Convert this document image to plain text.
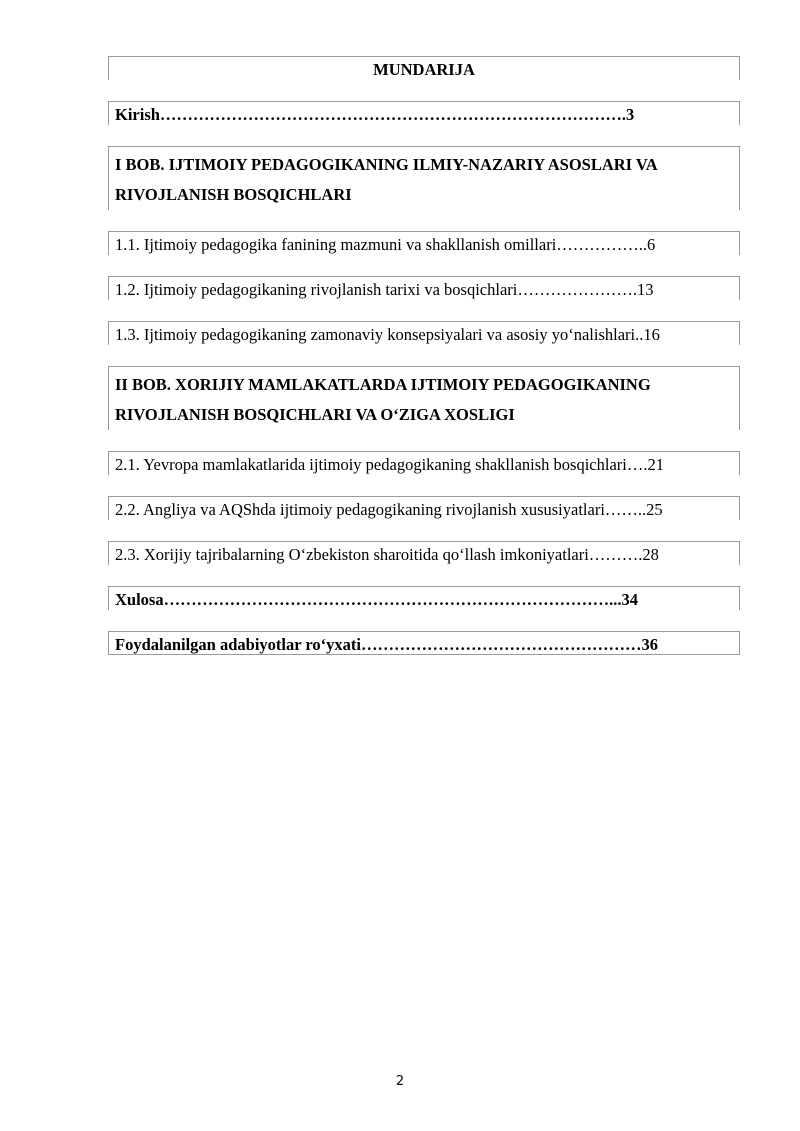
MUNDARIJA
Kirish………………………………………………………………………….3
I BOB. IJTIMOIY PEDAGOGIKANING ILMIY-NAZARIY ASOSLARI VA RIVOJLANISH BOSQICHLARI
1.1. Ijtimoiy pedagogika fanining mazmuni va shakllanish omillari……………..6
1.2. Ijtimoiy pedagogikaning rivojlanish tarixi va bosqichlari………………….13
1.3. Ijtimoiy pedagogikaning zamonaviy konsepsiyalari va asosiy yo‘nalishlari..16
II BOB. XORIJIY MAMLAKATLARDA IJTIMOIY PEDAGOGIKANING RIVOJLANISH BOSQICHLARI VA O‘ZIGA XOSLIGI
2.1. Yevropa mamlakatlarida ijtimoiy pedagogikaning shakllanish bosqichlari….21
2.2. Angliya va AQShda ijtimoiy pedagogikaning rivojlanish xususiyatlari……..25
2.3. Xorijiy tajribalarning O‘zbekiston sharoitida qo‘llash imkoniyatlari……….28
Xulosa………………………………………………………………………...34
Foydalanilgan adabiyotlar ro‘yxati……………………………………………36
2
